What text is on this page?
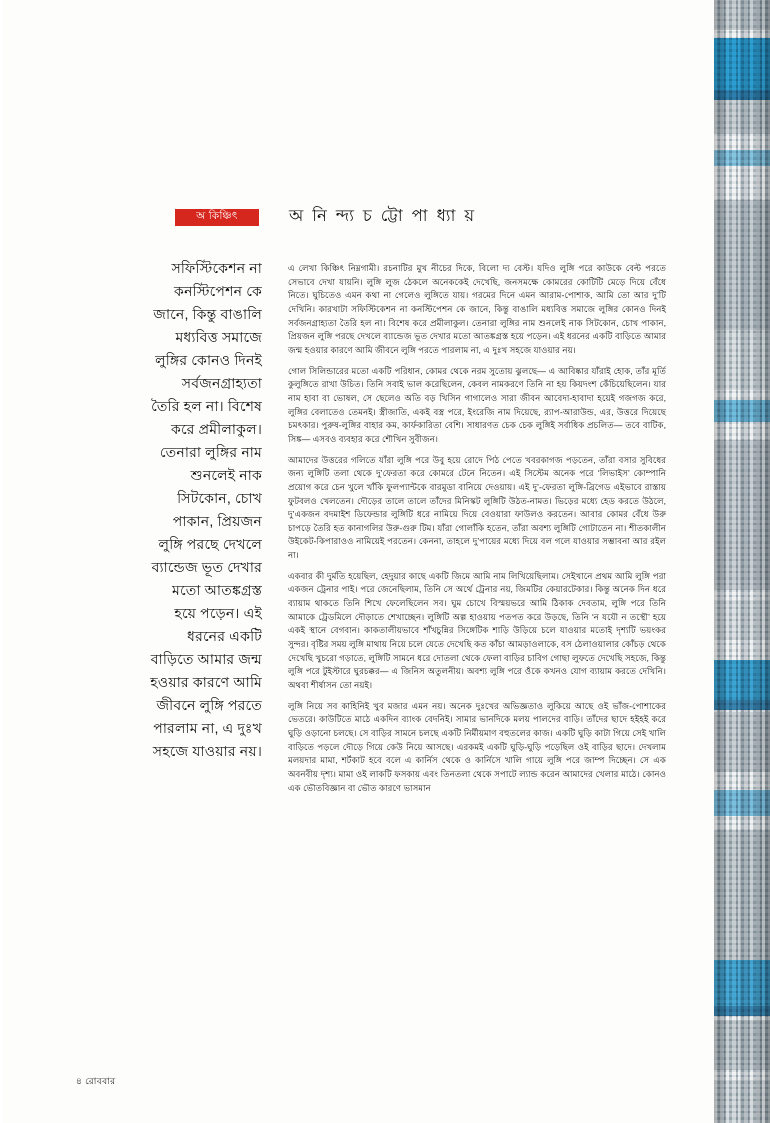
অ কি‌ঞ্চিৎ	অ নি ন্দ্য চ ট্টো পা ধ্যা য়
সফিস্টিকেশন না কনস্টিপেশন কে জানে, কিন্তু বাঙালি মধ্যবিত্ত সমাজে লুঙ্গির কোনও দিনই সর্বজনগ্রাহ্যতা তৈরি হল না। বিশেষ করে প্রমীলাকুল। তেনারা লুঙ্গির নাম শুনলেই নাক সিটকোন, চোখ পাকান, প্রিয়জন লুঙ্গি পরছে দেখলে ব্যান্ডেজ ভূত দেখার মতো আতঙ্কগ্রস্ত হয়ে পড়েন। এই ধরনের একটি বাড়িতে আমার জন্ম হওয়ার কারণে আমি জীবনে লুঙ্গি পরতে পারলাম না, এ দুঃখ সহজে যাওয়ার নয়।

এ লেখা কিঞ্চিৎ নিম্নগামী। রচনাটির মুখ নীচের দিকে, বিলো দ্য বেস্ট। যদিও লুঙ্গি পরে কাউকে বেল্ট পরতে সেভাবে দেখা যায়নি। লুঙ্গি লুজ ঠেকলে অনেককেই দেখেছি, জনসমক্ষে কোমরের কোটিটি মেড়ে দিয়ে বেঁধে নিতে। ঘুচিতেও এমন কথা না গেলেও লুঙ্গিতে যায়। গরমের দিনে এমন আরাম-পোশাক, আমি তো আর দু’টি দেখিনি। কারখাটা সফিস্টিকেশন না কনস্টিপেশন কে জানে, কিন্তু বাঙালি মধ্যবিত্ত সমাজে লুঙ্গির কোনও দিনই সর্বজনগ্রাহ্যতা তৈরি হল না। বিশেষ করে প্রমীলাকুল। তেনারা লুঙ্গির নাম শুনলেই নাক সিটকোন, চোখ পাকান, প্রিয়জন লুঙ্গি পরছে দেখলে ব্যান্ডেজ ভূত দেখার মতো আতঙ্কগ্রস্ত হয়ে পড়েন। এই ধরনের একটি বাড়িতে আমার জন্ম হওয়ার কারণে আমি জীবনে লুঙ্গি পরতে পারলাম না, এ দুঃখ সহজে যাওয়ার নয়।

গোল সিলিন্ডারের মতো একটি পরিধান, কোমর থেকে নরম সুতোয় ঝুলছে— এ আবিষ্কার যাঁরাই হোক, তাঁর মূর্তি কুলুঙ্গিতে রাখা উচিত। তিনি সবাই ভাল করেছিলেন, কেবল নামকরণে তিনি না হয় কিয়দংশ কেঁচিয়েছিলেন। যার নাম হাবা বা ভোষল, সে ছেলেও অতি বড় খিসিন গাগালেও সারা জীবন আবেদা-হাবাদা হয়েই গজগজ করে, লুঙ্গির বেলাতেও তেমনই। স্ত্রীজাতি, একই বস্ত্র পরে, ইংরেজি নাম দিয়েছে, র‌্যাপ-আরাউন্ড, এর, উত্তরে দিয়েছে চমৎকার। পুরুষ-লুঙ্গির বাহার কম, কার্ফকারিতা বেশি। সাধারণত চেক চেক লুঙ্গিই সর্বাধিক প্রচলিত— তবে বাটিক, সিঙ্ক— এসবও ব্যবহার করে শৌখিন সুবীজন।

আমাদের উত্তরের গলিতে যাঁরা লুঙ্গি পরে উবু হয়ে রোদে পিঠ পেতে খবরকাগজ পড়তেন, তাঁরা বসার সুবিধের জন্য লুঙ্গিটি তলা থেকে দু’ফেরতা করে কোমরে টেনে নিতেন। এই সিস্টেম অনেক পরে ‘লিভাইস’ কোম্পানি প্রয়োগ করে চেন খুলে খাঁকি ফুলপ্যান্টকে বারমুডা বানিয়ে দেওয়ায়। এই দু’-ফেরতা লুঙ্গি-ব্রিগেড এইভাবে রাস্তায় ফুটবলও খেলতেন। দৌড়ের তালে তালে তাঁদের মিনিস্কট লুঙ্গিটি উঠত-নামত। ভিড়ের মধ্যে হেড করতে উঠলে, দু’একজন বদমাইশ ডিফেন্ডার লুঙ্গিটি ধরে নামিয়ে দিয়ে বেওয়ারা ফাউলও করতেন। আবার কোমর বেঁধে উরু চাপড়ে তৈরি হত কানাগলির উরু-গুরু টিম। যাঁরা গোলাঁকি হতেন, তাঁরা অবশ্য লুঙ্গিটি গোটাতেন না। শীতকালীন উইকেট-কিপারাওও নামিয়েই পরতেন। কেননা, তাহলে দু’পায়ের মধ্যে দিয়ে বল গলে যাওয়ার সম্ভাবনা আর রইল না।

একবার কী দুর্মতি হয়েছিল, হেদুয়ার কাছে একটি জিমে আমি নাম লিখিয়েছিলাম। সেইখানে প্রথম আমি লুঙ্গি পরা একজন ট্রেনার পাই। পরে জেনেছিলাম, তিনি সে অর্থে ট্রেনার নয়, জিমটির কেয়ারটেকার। কিন্তু অনেক দিন ধরে ব্যায়াম থাকতে তিনি শিখে ফেলেছিলেন সব। ঘুম চোখে বিস্ময়ভরে আমি ঠিকাক দেবতাম, লুঙ্গি পরে তিনি আমাকে ট্রেডমিলে দৌড়াতে শেখাচ্ছেন। লুঙ্গিটি অল্প হাওয়ায় পতপত করে উড়ছে, তিনি ‘ন যযৌ ন তস্থৌ’ হয়ে একই স্থানে বেগবান। কাকতালীয়ভাবে শাঁখচুন্নির সিঙ্গেটিক শাড়ি উড়িয়ে চলে যাওয়ার মতোই দৃশ্যটি ভয়ংকর সুন্দর। বৃষ্টির সময় লুঙ্গি মাথায় নিয়ে চলে যেতে দেখেছি কত কাঁচা আমড়াওলাকে, বস ঠেলাওয়ালার কোঁচড় থেকে দেখেছি খুচরো গড়াতে, লুঙ্গিটি সামনে ধরে দোতলা থেকে ফেলা বাড়ির চাবিগ গোছা লুফতে দেখেছি সহজে, কিন্তু লুঙ্গি পরে টুইস্টারে ঘুরচক্কর— এ জিনিস অতুলনীয়। অবশ্য লুঙ্গি পরে ওঁকে কখনও যোগ ব্যায়াম করতে দেখিনি। অথবা শীর্ষাসন তো নয়ই।

লুঙ্গি নিয়ে সব কাহিনিই খুব মজার এমন নয়। অনেক দুঃখের অভিজ্ঞতাও লুকিয়ে আছে ওই ভাঁজ-পোশাকের ভেতরে। কাউটিতে মাঠে একদিন ব্যাংক বেদনিই। সামার ভানদিকে মলয় পালদের বাড়ি। তাঁদের ছাদে হইহই করে ঘুড়ি ওড়ানো চলছে। সে বাড়ির সামনে চলছে একটি নির্মীয়মাণ বহুতলের কাজ। একটি ঘুড়ি কাটা গিয়ে সেই খালি বাড়িতে পড়লে দৌড়ে গিয়ে কেউ নিয়ে আসছে। এরকমই একটি ঘুড়ি-ঘুড়ি পড়েছিল ওই বাড়ির ছাদে। দেখলাম মলয়দার মামা, শর্টকাট হবে বলে এ কার্নিস থেকে ও কার্নিসে খালি গায়ে লুঙ্গি পরে জাম্প দিচ্ছেন। সে এক অবনবীয় দৃশ্য। মামা ওই লাকটি ফসকায় এবং তিনতলা থেকে সপাটে ল্যান্ড করেন আমাদের খেলার মাঠে। কোনও এক ভৌতবিজ্ঞান বা ভৌত কারণে ভাসমান

৪ রোববার
